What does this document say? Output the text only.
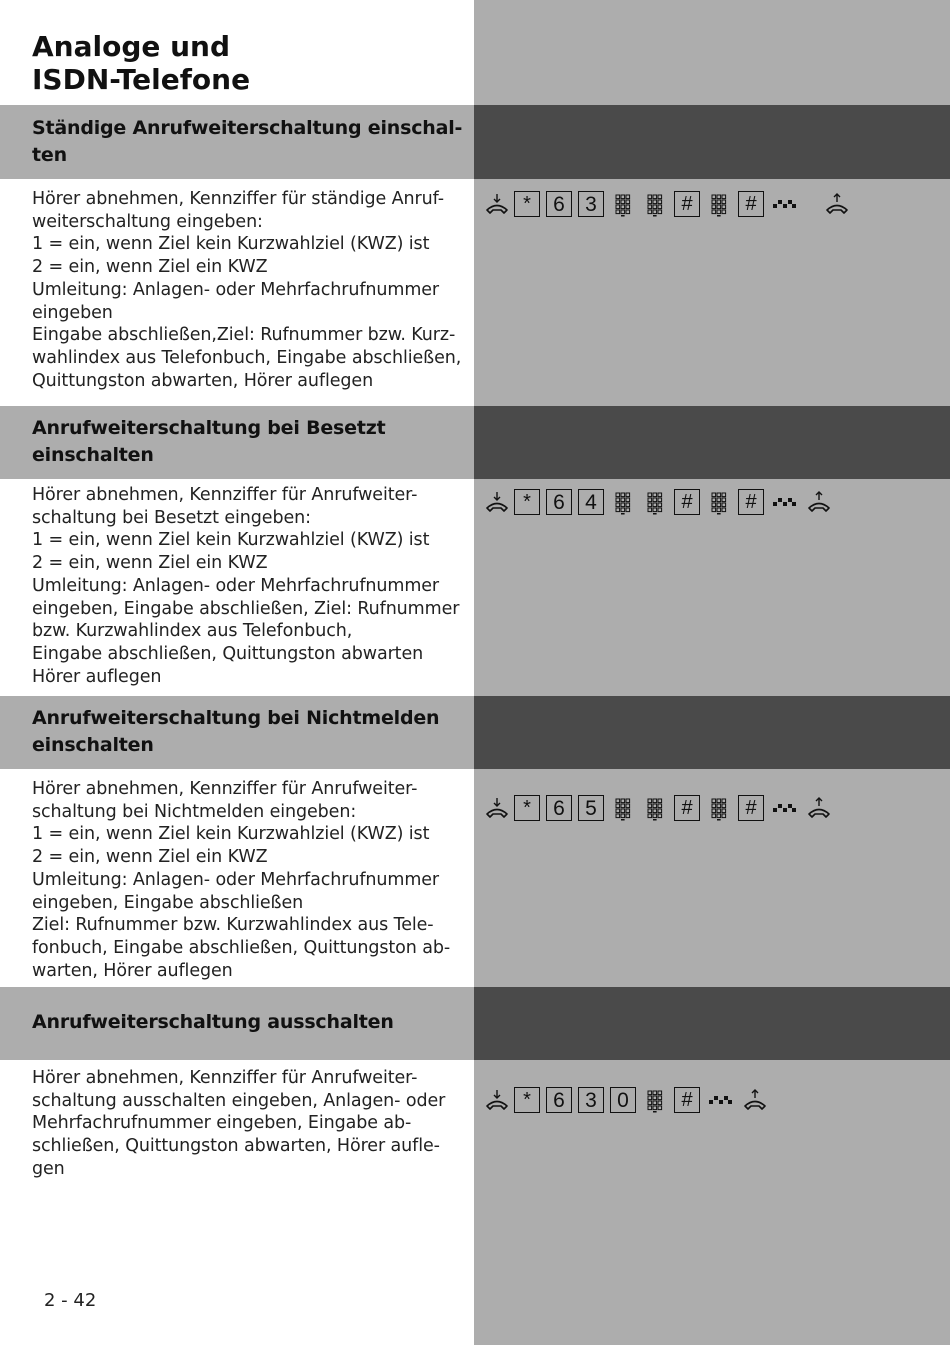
Analoge und
ISDN-Telefone
Ständige Anrufweiterschaltung einschal-
ten

Hörer abnehmen, Kennziffer für ständige Anruf-
weiterschaltung eingeben:
1 = ein, wenn Ziel kein Kurzwahlziel (KWZ) ist
2 = ein, wenn Ziel ein KWZ
Umleitung: Anlagen- oder Mehrfachrufnummer
eingeben
Eingabe abschließen,Ziel: Rufnummer bzw. Kurz-
wahlindex aus Telefonbuch, Eingabe abschließen,
Quittungston abwarten, Hörer auflegen

*	6 3	#	#
Anrufweiterschaltung bei Besetzt
einschalten

Hörer abnehmen, Kennziffer für Anrufweiter-
schaltung bei Besetzt eingeben:
1 = ein, wenn Ziel kein Kurzwahlziel (KWZ) ist
2 = ein, wenn Ziel ein KWZ
Umleitung: Anlagen- oder Mehrfachrufnummer
eingeben, Eingabe abschließen, Ziel: Rufnummer
bzw. Kurzwahlindex aus Telefonbuch,
Eingabe abschließen, Quittungston abwarten
Hörer auflegen

*	6 4	#	#
Anrufweiterschaltung bei Nichtmelden
einschalten

Hörer abnehmen, Kennziffer für Anrufweiter-
schaltung bei Nichtmelden eingeben:
1 = ein, wenn Ziel kein Kurzwahlziel (KWZ) ist
2 = ein, wenn Ziel ein KWZ
Umleitung: Anlagen- oder Mehrfachrufnummer
eingeben, Eingabe abschließen
Ziel: Rufnummer bzw. Kurzwahlindex aus Tele-
fonbuch, Eingabe abschließen, Quittungston ab-
warten, Hörer auflegen

*	6 5	#	#
Anrufweiterschaltung ausschalten

Hörer abnehmen, Kennziffer für Anrufweiter-
schaltung ausschalten eingeben, Anlagen- oder
Mehrfachrufnummer eingeben, Eingabe ab-
schließen, Quittungston abwarten, Hörer aufle-
gen

*	6 3 0	#

2 - 42
